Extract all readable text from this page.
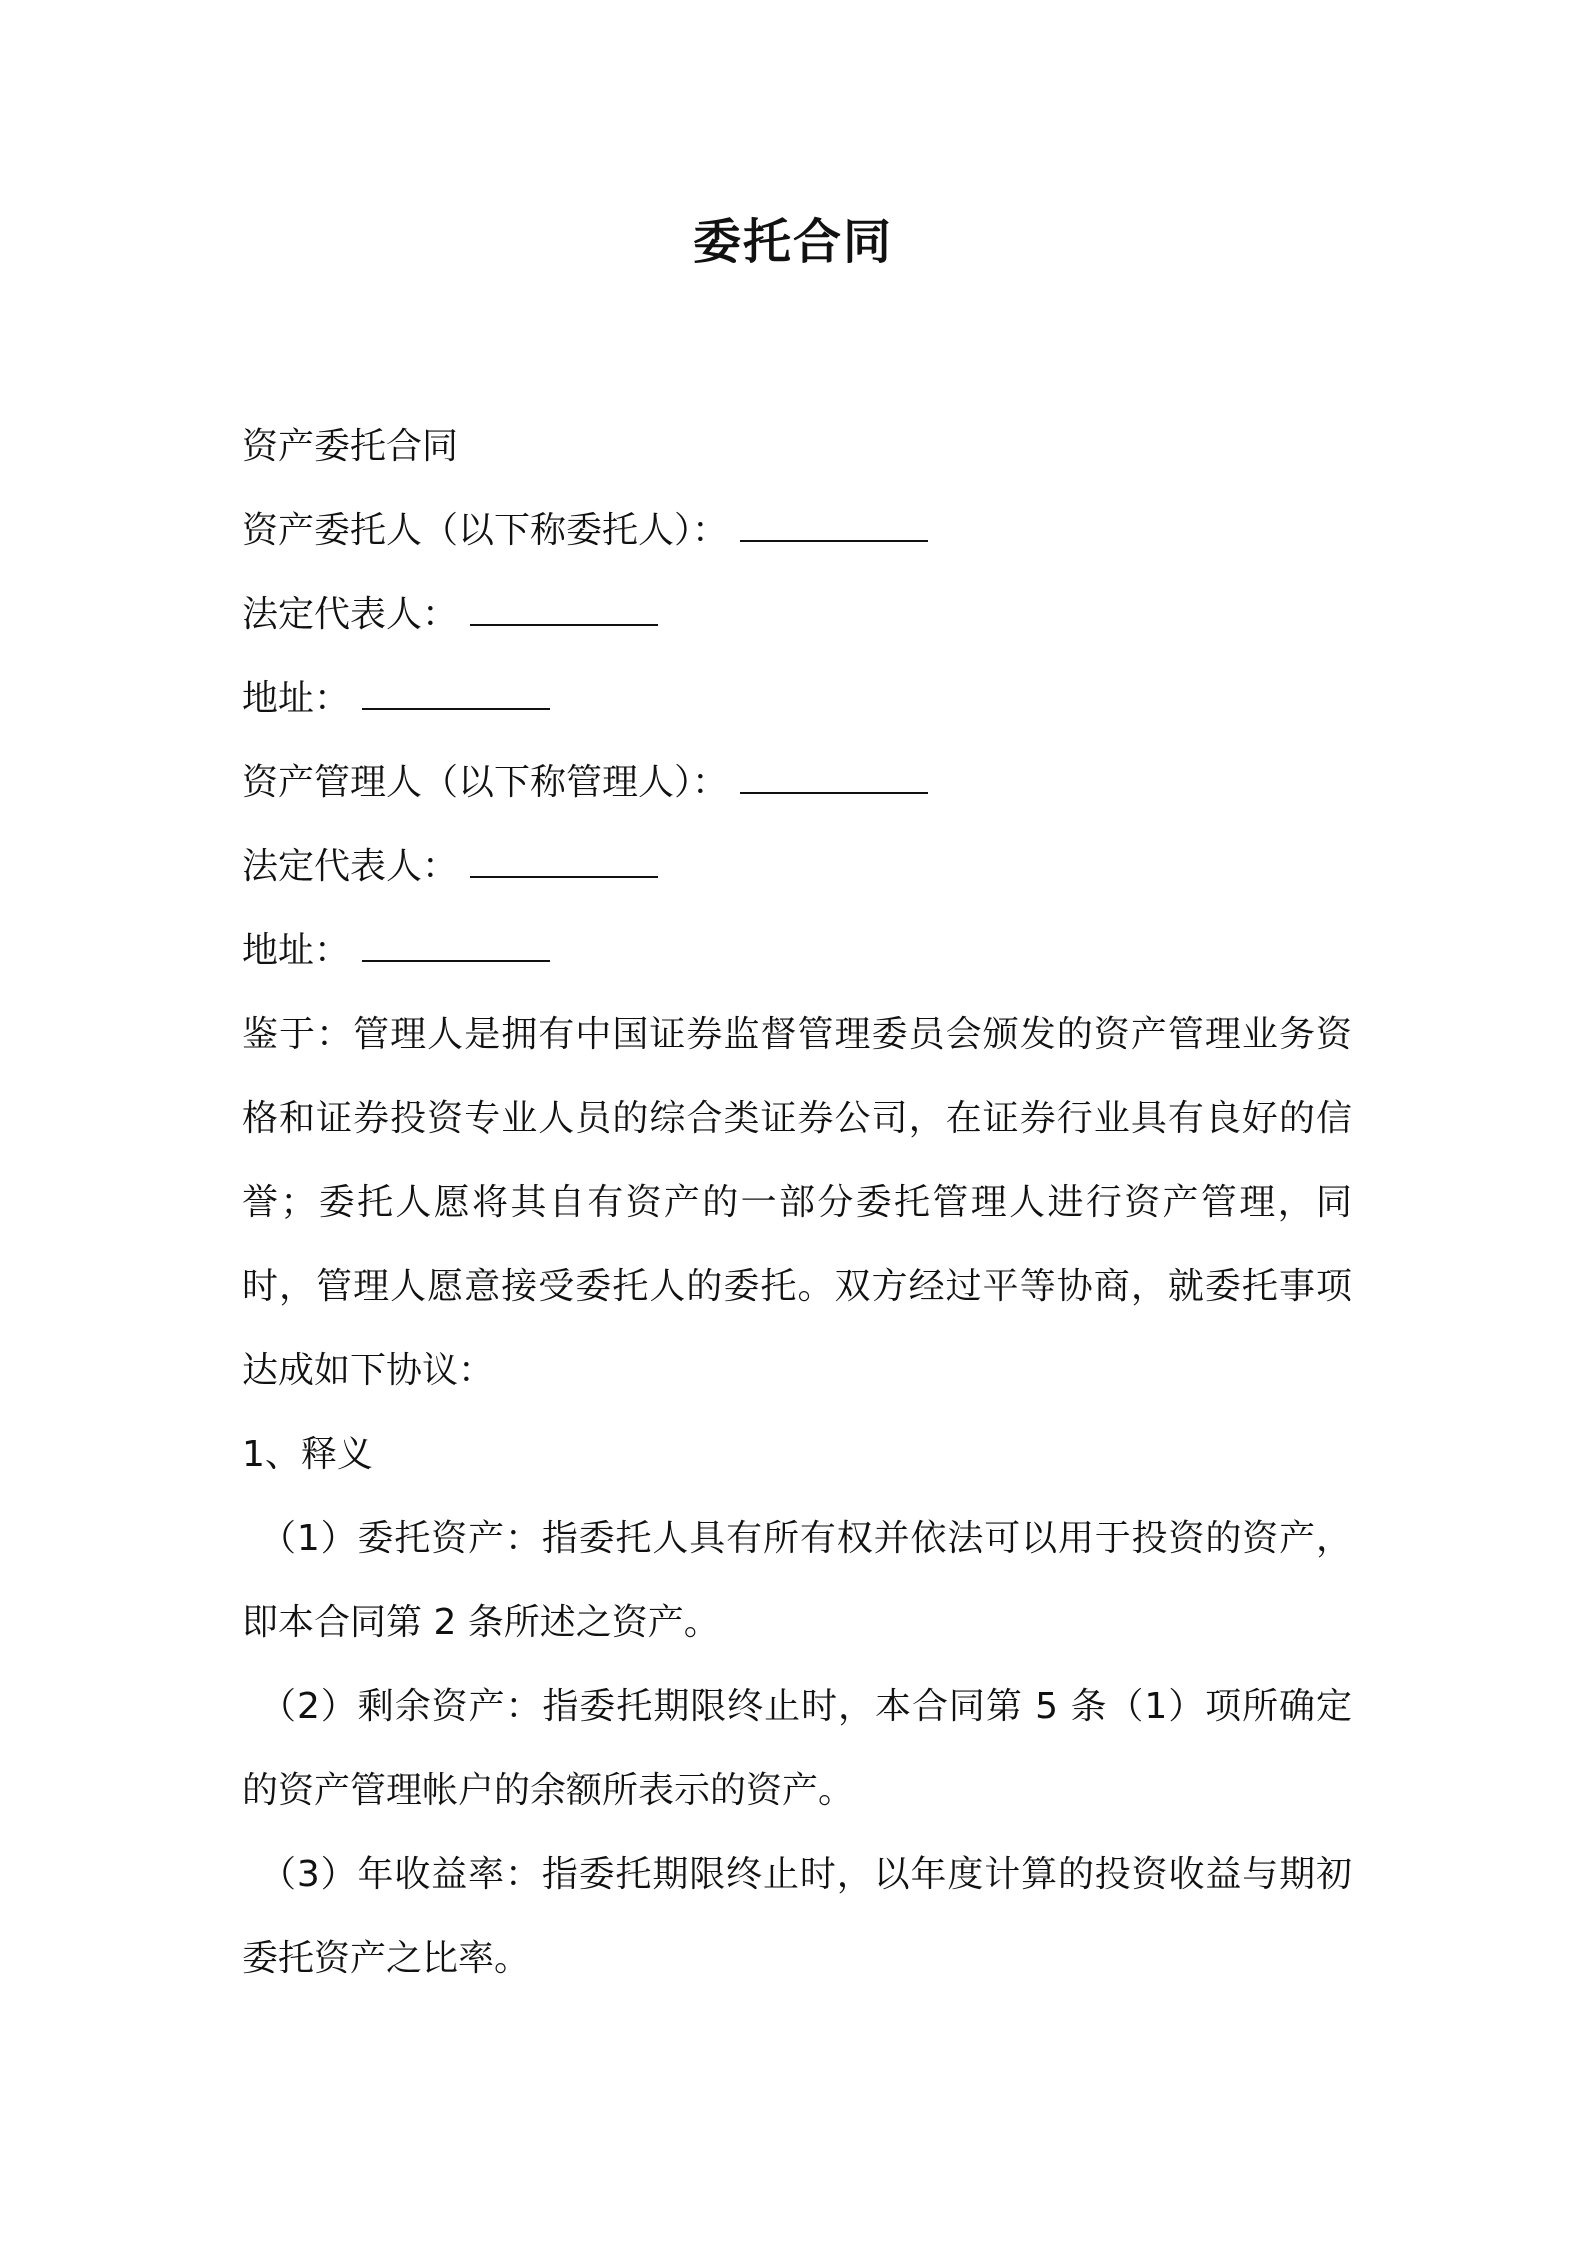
委托合同
资产委托合同
资产委托人（以下称委托人）：
法定代表人：
地址：
资产管理人（以下称管理人）：
法定代表人：
地址：
鉴于：管理人是拥有中国证券监督管理委员会颁发的资产管理业务资格和证券投资专业人员的综合类证券公司，在证券行业具有良好的信誉；委托人愿将其自有资产的一部分委托管理人进行资产管理，同时，管理人愿意接受委托人的委托。双方经过平等协商，就委托事项达成如下协议：
1、释义
（1）委托资产：指委托人具有所有权并依法可以用于投资的资产，即本合同第 2 条所述之资产。
（2）剩余资产：指委托期限终止时，本合同第 5 条（1）项所确定的资产管理帐户的余额所表示的资产。
（3）年收益率：指委托期限终止时，以年度计算的投资收益与期初委托资产之比率。
